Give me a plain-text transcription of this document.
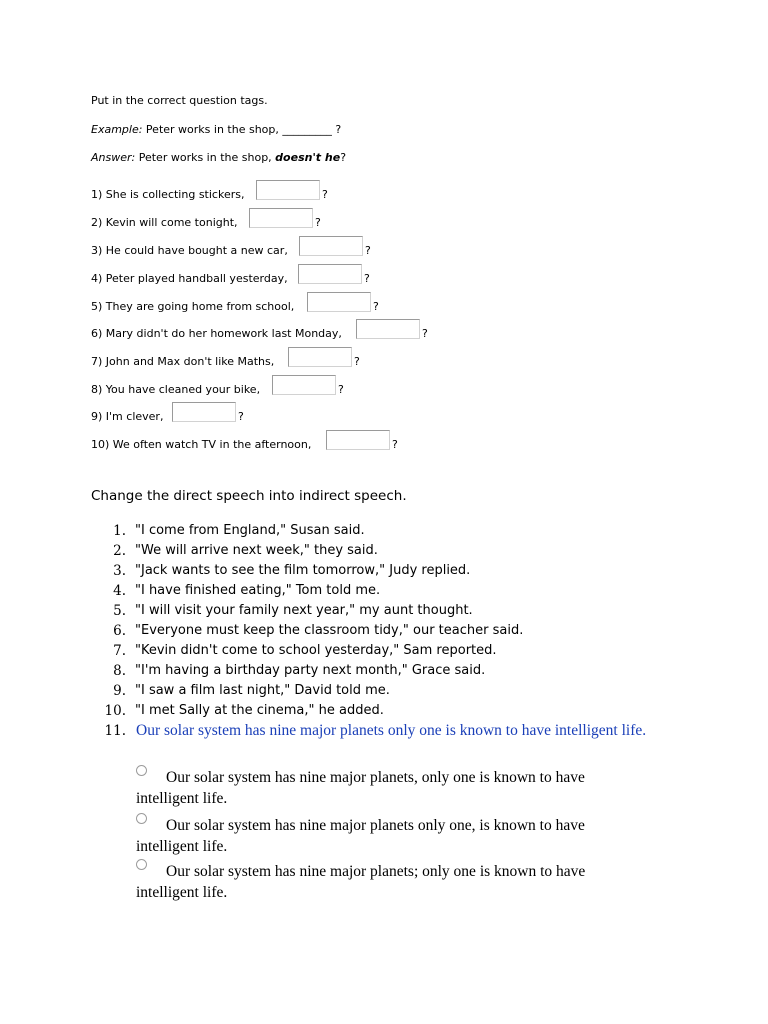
Put in the correct question tags.
Example: Peter works in the shop, _________ ?
Answer: Peter works in the shop, doesn't he?
1) She is collecting stickers,	?
2) Kevin will come tonight,	?
3) He could have bought a new car,	?
4) Peter played handball yesterday,	?
5) They are going home from school,	?
6) Mary didn't do her homework last Monday,	?
7) John and Max don't like Maths,	?
8) You have cleaned your bike,	?
9) I'm clever,	?
10) We often watch TV in the afternoon,	?
Change the direct speech into indirect speech.
1. "I come from England," Susan said.
2. "We will arrive next week," they said.
3. "Jack wants to see the film tomorrow," Judy replied.
4. "I have finished eating," Tom told me.
5. "I will visit your family next year," my aunt thought.
6. "Everyone must keep the classroom tidy," our teacher said.
7. "Kevin didn't come to school yesterday," Sam reported.
8. "I'm having a birthday party next month," Grace said.
9. "I saw a film last night," David told me.
10. "I met Sally at the cinema," he added.
11. Our solar system has nine major planets only one is known to have intelligent life.
Our solar system has nine major planets, only one is known to have
intelligent life.
Our solar system has nine major planets only one, is known to have
intelligent life.
Our solar system has nine major planets; only one is known to have
intelligent life.
